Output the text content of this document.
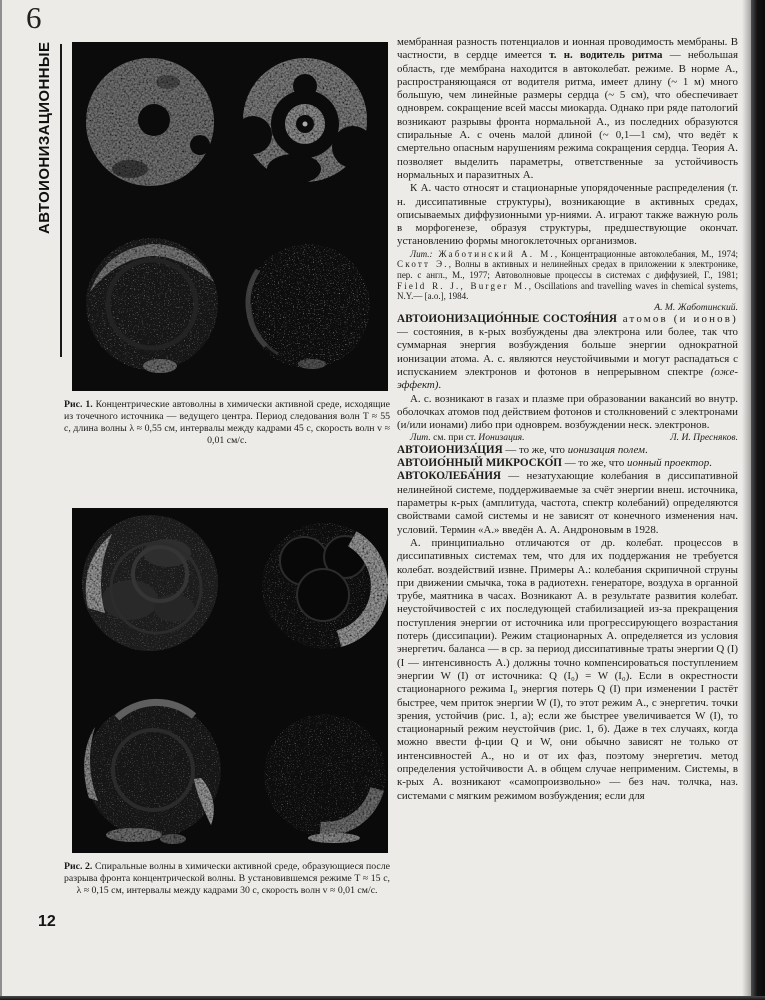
6
АВТОИОНИЗАЦИОННЫЕ
12
Рис. 1. Концентрические автоволны в химически активной среде, исходящие из точечного источника — ведущего центра. Период следования волн T ≈ 55 с, длина волны λ ≈ 0,55 см, интервалы между кадрами 45 с, скорость волн v ≈ 0,01 см/с.
Рис. 2. Спиральные волны в химически активной среде, образующиеся после разрыва фронта концентрической волны. В установившемся режиме T ≈ 15 с, λ ≈ 0,15 см, интервалы между кадрами 30 с, скорость волн v ≈ 0,01 см/с.

мембранная разность потенциалов и ионная проводимость мембраны. В частности, в сердце имеется т. н. водитель ритма — небольшая область, где мембрана находится в автоколебат. режиме. В норме А., распространяющаяся от водителя ритма, имеет длину (~ 1 м) много большую, чем линейные размеры сердца (~ 5 см), что обеспечивает одноврем. сокращение всей массы миокарда. Однако при ряде патологий возникают разрывы фронта нормальной А., из последних образуются спиральные А. с очень малой длиной (~ 0,1—1 см), что ведёт к смертельно опасным нарушениям режима сокращения сердца. Теория А. позволяет выделить параметры, ответственные за устойчивость нормальных и паразитных А.

К А. часто относят и стационарные упорядоченные распределения (т. н. диссипативные структуры), возникающие в активных средах, описываемых диффузионными ур-ниями. А. играют также важную роль в морфогенезе, образуя структуры, предшествующие окончат. установлению формы многоклеточных организмов.

Лит.: Жаботинский А. М., Концентрационные автоколебания, М., 1974; Скотт Э., Волны в активных и нелинейных средах в приложении к электронике, пер. с англ., М., 1977; Автоволновые процессы в системах с диффузией, Г., 1981; Field R. J., Burger M., Oscillations and travelling waves in chemical systems, N.Y.— [a.o.], 1984.

А. М. Жаботинский.

АВТОИОНИЗАЦИО́ННЫЕ СОСТОЯ́НИЯ атомов (и ионов) — состояния, в к-рых возбуждены два электрона или более, так что суммарная энергия возбуждения больше энергии однократной ионизации атома. А. с. являются неустойчивыми и могут распадаться с испусканием электронов и фотонов в непрерывном спектре (оже-эффект).

А. с. возникают в газах и плазме при образовании вакансий во внутр. оболочках атомов под действием фотонов и столкновений с электронами (и/или ионами) либо при одноврем. возбуждении неск. электронов.

Л. И. Пресняков.
Лит. см. при ст. Ионизация.

АВТОИОНИЗА́ЦИЯ — то же, что ионизация полем.

АВТОИО́ННЫЙ МИКРОСКО́П — то же, что ионный проектор.

АВТОКОЛЕБА́НИЯ — незатухающие колебания в диссипативной нелинейной системе, поддерживаемые за счёт энергии внеш. источника, параметры к-рых (амплитуда, частота, спектр колебаний) определяются свойствами самой системы и не зависят от конечного изменения нач. условий. Термин «А.» введён А. А. Андроновым в 1928.

А. принципиально отличаются от др. колебат. процессов в диссипативных системах тем, что для их поддержания не требуется колебат. воздействий извне. Примеры А.: колебания скрипичной струны при движении смычка, тока в радиотехн. генераторе, воздуха в органной трубе, маятника в часах. Возникают А. в результате развития колебат. неустойчивостей с их последующей стабилизацией из-за прекращения поступления энергии от источника или прогрессирующего возрастания потерь (диссипации). Режим стационарных А. определяется из условия энергетич. баланса — в ср. за период диссипативные траты энергии Q (I) (I — интенсивность А.) должны точно компенсироваться поступлением энергии W (I) от источника: Q (I₀) = W (I₀). Если в окрестности стационарного режима I₀ энергия потерь Q (I) при изменении I растёт быстрее, чем приток энергии W (I), то этот режим А., с энергетич. точки зрения, устойчив (рис. 1, а); если же быстрее увеличивается W (I), то стационарный режим неустойчив (рис. 1, б). Даже в тех случаях, когда можно ввести ф-ции Q и W, они обычно зависят не только от интенсивностей А., но и от их фаз, поэтому энергетич. метод определения устойчивости А. в общем случае неприменим. Системы, в к-рых А. возникают «самопроизвольно» — без нач. толчка, наз. системами с мягким режимом возбуждения; если для
